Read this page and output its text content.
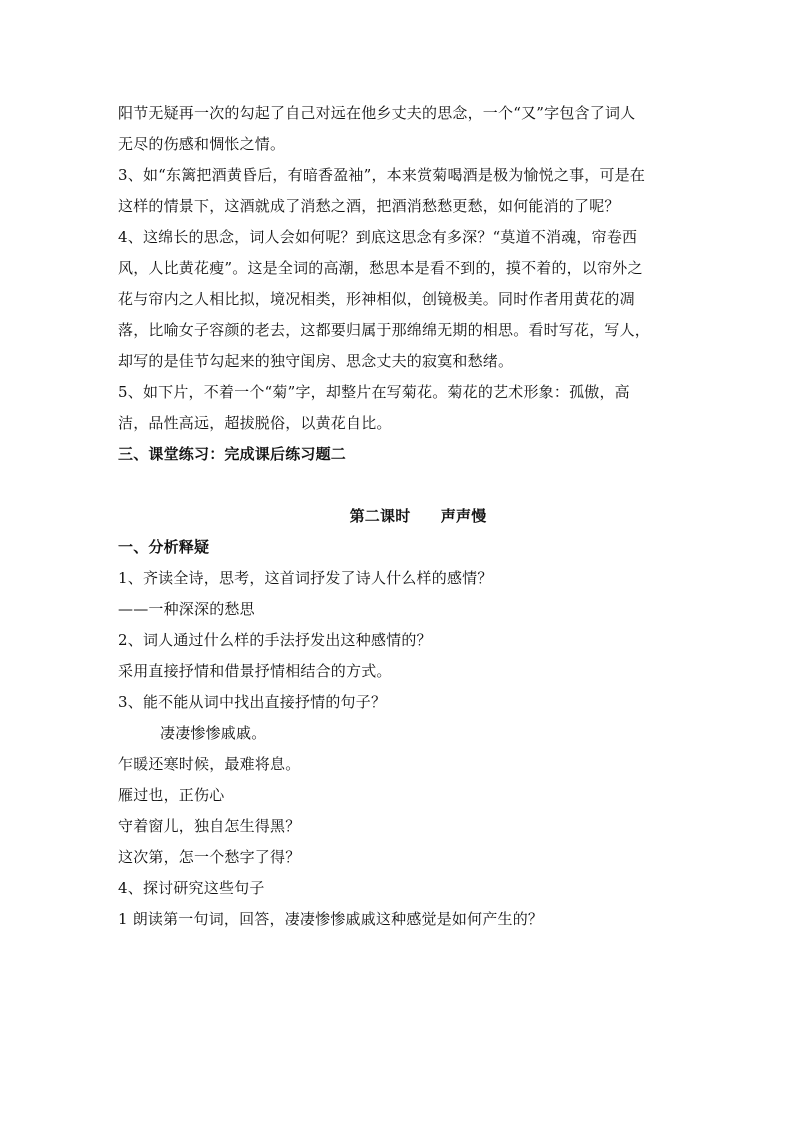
阳节无疑再一次的勾起了自己对远在他乡丈夫的思念，一个“又”字包含了词人

无尽的伤感和惆怅之情。

3、如“东篱把酒黄昏后，有暗香盈袖”，本来赏菊喝酒是极为愉悦之事，可是在

这样的情景下，这酒就成了消愁之酒，把酒消愁愁更愁，如何能消的了呢？

4、这绵长的思念，词人会如何呢？到底这思念有多深？“莫道不消魂，帘卷西

风，人比黄花瘦”。这是全词的高潮，愁思本是看不到的，摸不着的，以帘外之

花与帘内之人相比拟，境况相类，形神相似，创镜极美。同时作者用黄花的凋

落，比喻女子容颜的老去，这都要归属于那绵绵无期的相思。看时写花，写人，

却写的是佳节勾起来的独守闺房、思念丈夫的寂寞和愁绪。

5、如下片，不着一个“菊”字，却整片在写菊花。菊花的艺术形象：孤傲，高

洁，品性高远，超拔脱俗，以黄花自比。

三、课堂练习：完成课后练习题二

第二课时　　声声慢

一、分析释疑

1、齐读全诗，思考，这首词抒发了诗人什么样的感情？

——一种深深的愁思

2、词人通过什么样的手法抒发出这种感情的？

采用直接抒情和借景抒情相结合的方式。

3、能不能从词中找出直接抒情的句子？

凄凄惨惨戚戚。

乍暖还寒时候，最难将息。

雁过也，正伤心

守着窗儿，独自怎生得黑？

这次第，怎一个愁字了得？

4、探讨研究这些句子

1 朗读第一句词，回答，凄凄惨惨戚戚这种感觉是如何产生的？
